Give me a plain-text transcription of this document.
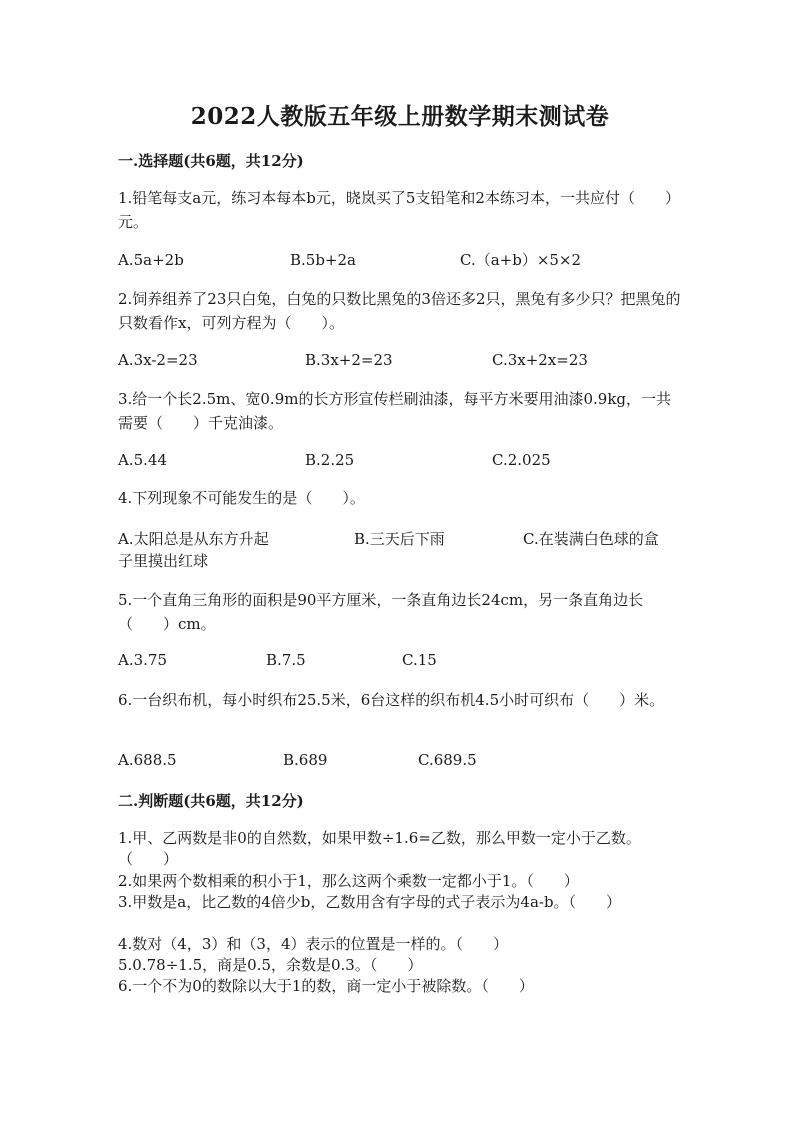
2022人教版五年级上册数学期末测试卷
一.选择题(共6题，共12分)
1.铅笔每支a元，练习本每本b元，晓岚买了5支铅笔和2本练习本，一共应付（　　）元。
A.5a+2b	B.5b+2a	C.（a+b）×5×2
2.饲养组养了23只白兔，白兔的只数比黑兔的3倍还多2只，黑兔有多少只？把黑兔的只数看作x，可列方程为（　　）。
A.3x-2=23	B.3x+2=23	C.3x+2x=23
3.给一个长2.5m、宽0.9m的长方形宣传栏刷油漆，每平方米要用油漆0.9kg，一共需要（　　）千克油漆。
A.5.44	B.2.25	C.2.025
4.下列现象不可能发生的是（　　）。
A.太阳总是从东方升起	B.三天后下雨	C.在装满白色球的盒
子里摸出红球
5.一个直角三角形的面积是90平方厘米，一条直角边长24cm，另一条直角边长（　　）cm。
A.3.75	B.7.5	C.15
6.一台织布机，每小时织布25.5米，6台这样的织布机4.5小时可织布（　　）米。
A.688.5	B.689	C.689.5
二.判断题(共6题，共12分)
1.甲、乙两数是非0的自然数，如果甲数÷1.6=乙数，那么甲数一定小于乙数。（　　）
2.如果两个数相乘的积小于1，那么这两个乘数一定都小于1。（　　）
3.甲数是a，比乙数的4倍少b，乙数用含有字母的式子表示为4a-b。（　　）
4.数对（4，3）和（3，4）表示的位置是一样的。（　　）
5.0.78÷1.5，商是0.5，余数是0.3。（　　）
6.一个不为0的数除以大于1的数，商一定小于被除数。（　　）
